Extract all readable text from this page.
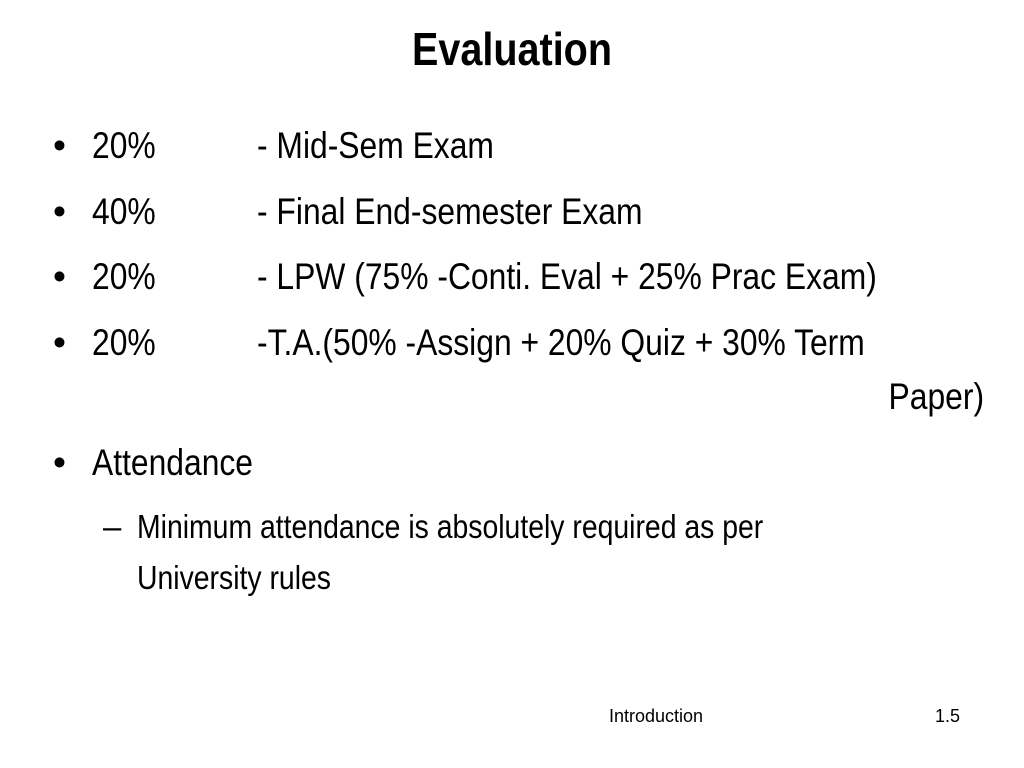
Evaluation
• 20%	- Mid-Sem Exam
• 40%	- Final End-semester Exam
• 20%	- LPW (75% -Conti. Eval + 25% Prac Exam)
• 20%	-T.A.(50% -Assign + 20% Quiz + 30% Term
Paper)
• Attendance
– Minimum attendance is absolutely required as per
University rules
Introduction	1.5
